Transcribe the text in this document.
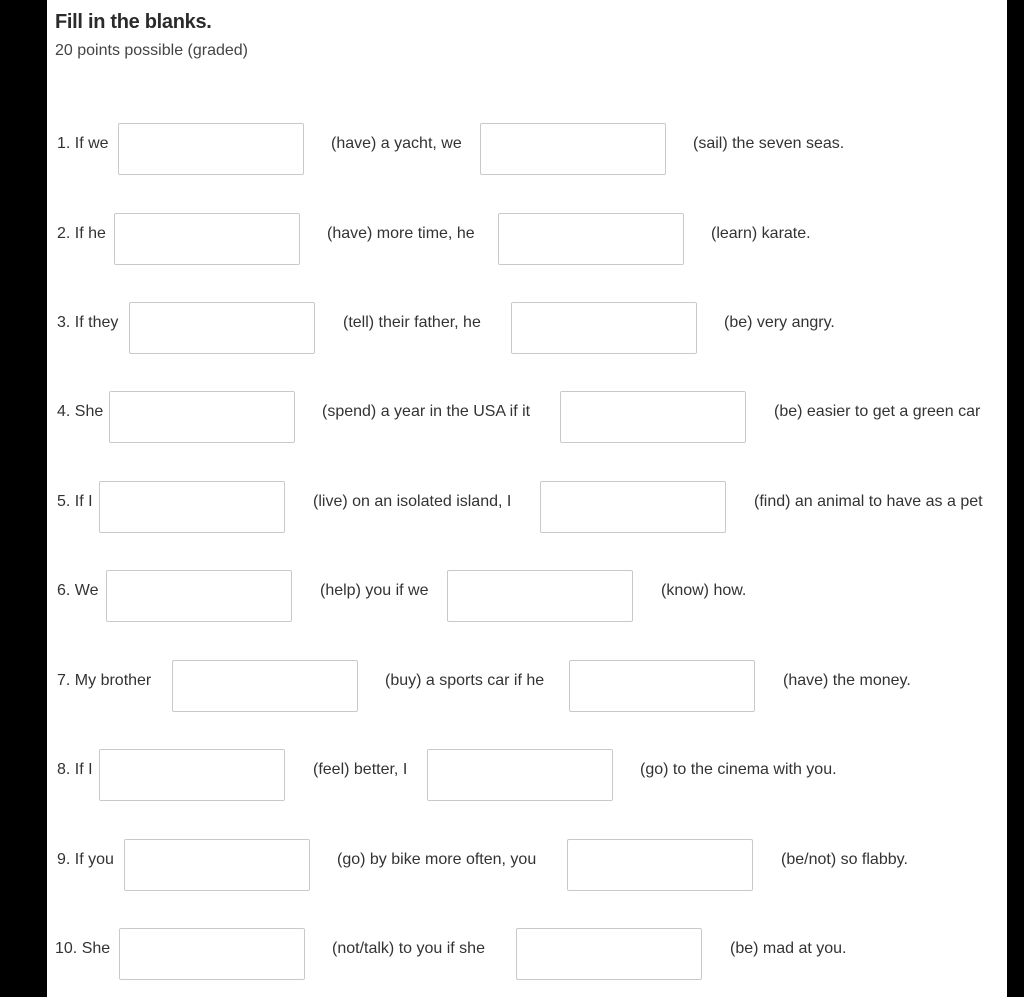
Fill in the blanks.
20 points possible (graded)
1. If we	(have) a yacht, we	(sail) the seven seas.
2. If he	(have) more time, he	(learn) karate.
3. If they	(tell) their father, he	(be) very angry.
4. She	(spend) a year in the USA if it	(be) easier to get a green car
5. If I	(live) on an isolated island, I	(find) an animal to have as a pet
6. We	(help) you if we	(know) how.
7. My brother	(buy) a sports car if he	(have) the money.
8. If I	(feel) better, I	(go) to the cinema with you.
9. If you	(go) by bike more often, you	(be/not) so flabby.
10. She	(not/talk) to you if she	(be) mad at you.
